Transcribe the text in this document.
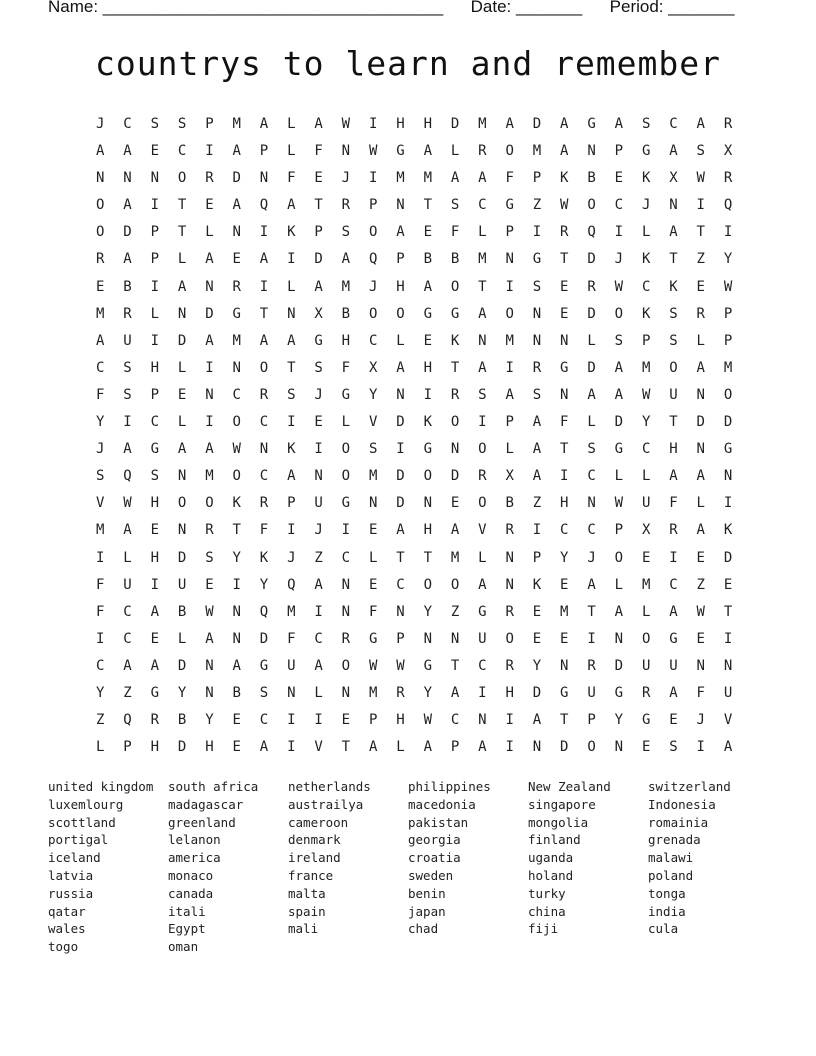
Name: ____________________________________ Date: _______ Period: _______
countrys to learn and remember
J C S S P M A L A W I H H D M A D A G A S C A R
A A E C I A P L F N W G A L R O M A N P G A S X
N N N O R D N F E J I M M A A F P K B E K X W R
O A I T E A Q A T R P N T S C G Z W O C J N I Q
O D P T L N I K P S O A E F L P I R Q I L A T I
R A P L A E A I D A Q P B B M N G T D J K T Z Y
E B I A N R I L A M J H A O T I S E R W C K E W
M R L N D G T N X B O O G G A O N E D O K S R P
A U I D A M A A G H C L E K N M N N L S P S L P
C S H L I N O T S F X A H T A I R G D A M O A M
F S P E N C R S J G Y N I R S A S N A A W U N O
Y I C L I O C I E L V D K O I P A F L D Y T D D
J A G A A W N K I O S I G N O L A T S G C H N G
S Q S N M O C A N O M D O D R X A I C L L A A N
V W H O O K R P U G N D N E O B Z H N W U F L I
M A E N R T F I J I E A H A V R I C C P X R A K
I L H D S Y K J Z C L T T M L N P Y J O E I E D
F U I U E I Y Q A N E C O O A N K E A L M C Z E
F C A B W N Q M I N F N Y Z G R E M T A L A W T
I C E L A N D F C R G P N N U O E E I N O G E I
C A A D N A G U A O W W G T C R Y N R D U U N N
Y Z G Y N B S N L N M R Y A I H D G U G R A F U
Z Q R B Y E C I I E P H W C N I A T P Y G E J V
L P H D H E A I V T A L A P A I N D O N E S I A
united kingdom	south africa	netherlands	philippines	New Zealand	switzerland
luxemlourg	madagascar	austrailya	macedonia	singapore	Indonesia
scottland	greenland	cameroon	pakistan	mongolia	romainia
portigal	lelanon	denmark	georgia	finland	grenada
iceland	america	ireland	croatia	uganda	malawi
latvia	monaco	france	sweden	holand	poland
russia	canada	malta	benin	turky	tonga
qatar	itali	spain	japan	china	india
wales	Egypt	mali	chad	fiji	cula
togo	oman
